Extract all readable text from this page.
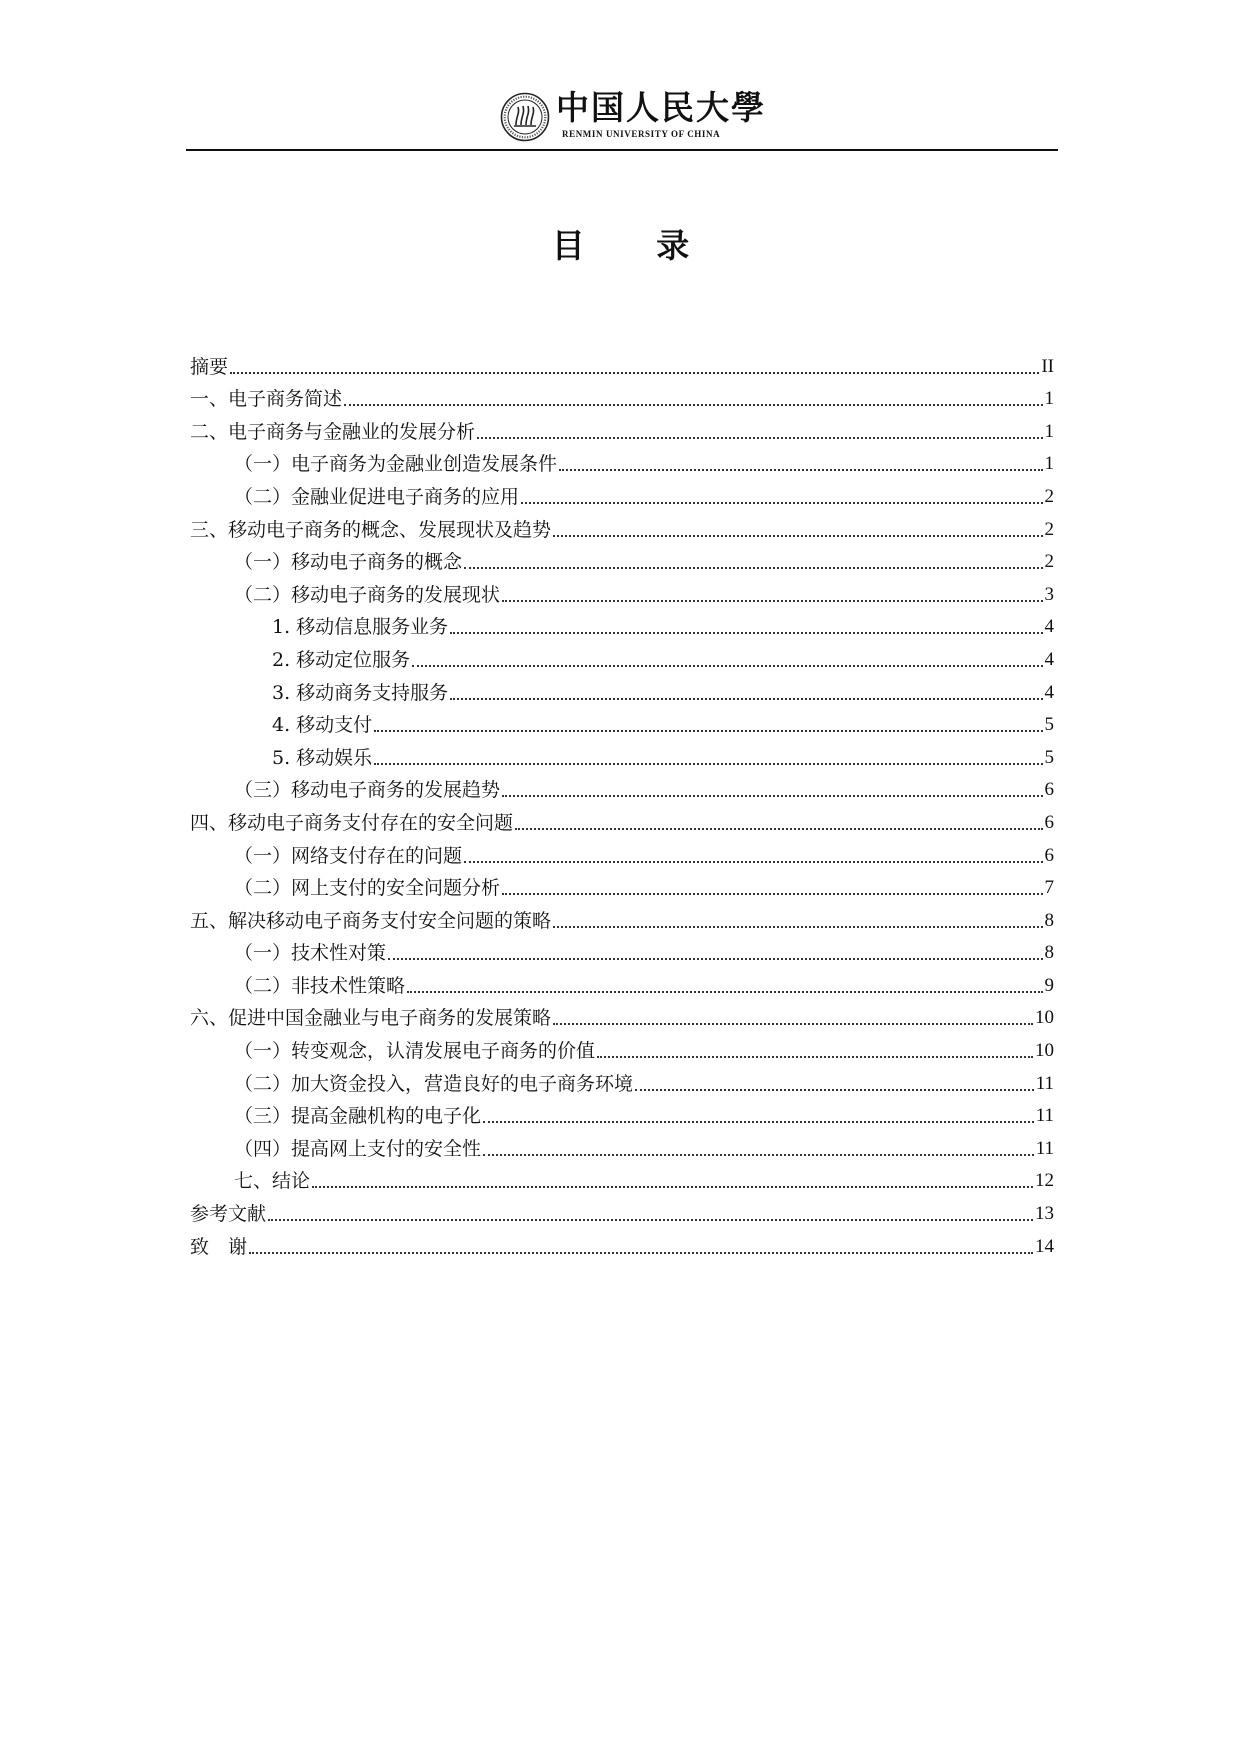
中国人民大學
RENMIN UNIVERSITY OF CHINA
目 录
摘要	II
一、电子商务简述	1
二、电子商务与金融业的发展分析	1
（一）电子商务为金融业创造发展条件	1
（二）金融业促进电子商务的应用	2
三、移动电子商务的概念、发展现状及趋势	2
（一）移动电子商务的概念	2
（二）移动电子商务的发展现状	3
1. 移动信息服务业务	4
2. 移动定位服务	4
3. 移动商务支持服务	4
4. 移动支付	5
5. 移动娱乐	5
（三）移动电子商务的发展趋势	6
四、移动电子商务支付存在的安全问题	6
（一）网络支付存在的问题	6
（二）网上支付的安全问题分析	7
五、解决移动电子商务支付安全问题的策略	8
（一）技术性对策	8
（二）非技术性策略	9
六、促进中国金融业与电子商务的发展策略	10
（一）转变观念，认清发展电子商务的价值	10
（二）加大资金投入，营造良好的电子商务环境	11
（三）提高金融机构的电子化	11
（四）提高网上支付的安全性	11
七、结论	12
参考文献	13
致　谢	14
